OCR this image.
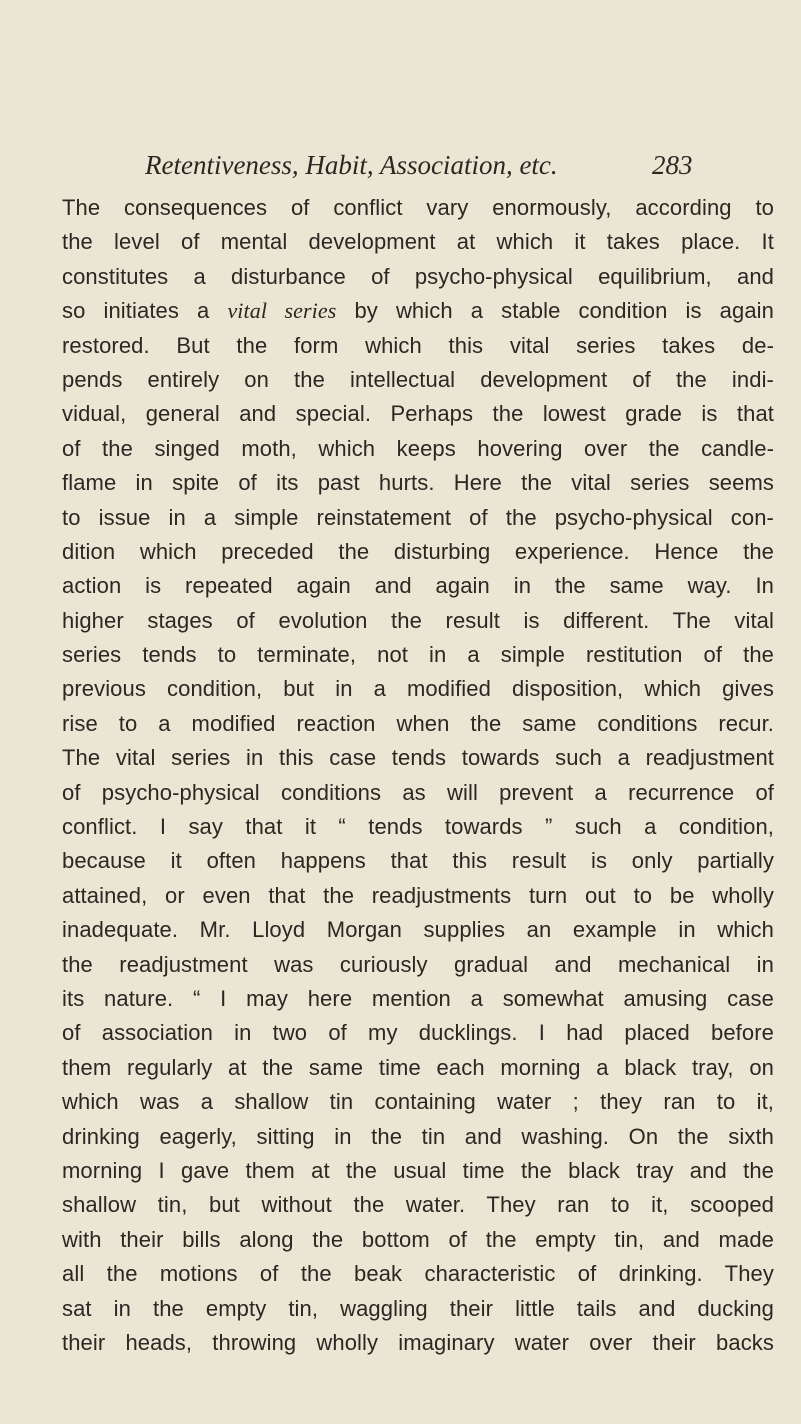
Retentiveness, Habit, Association, etc.	283
The consequences of conflict vary enormously, according to
the level of mental development at which it takes place. It
constitutes a disturbance of psycho-physical equilibrium, and
so initiates a vital series by which a stable condition is again
restored. But the form which this vital series takes de-
pends entirely on the intellectual development of the indi-
vidual, general and special. Perhaps the lowest grade is that
of the singed moth, which keeps hovering over the candle-
flame in spite of its past hurts. Here the vital series seems
to issue in a simple reinstatement of the psycho-physical con-
dition which preceded the disturbing experience. Hence the
action is repeated again and again in the same way. In
higher stages of evolution the result is different. The vital
series tends to terminate, not in a simple restitution of the
previous condition, but in a modified disposition, which gives
rise to a modified reaction when the same conditions recur.
The vital series in this case tends towards such a readjustment
of psycho-physical conditions as will prevent a recurrence of
conflict. I say that it “ tends towards ” such a condition,
because it often happens that this result is only partially
attained, or even that the readjustments turn out to be wholly
inadequate. Mr. Lloyd Morgan supplies an example in which
the readjustment was curiously gradual and mechanical in
its nature. “ I may here mention a somewhat amusing case
of association in two of my ducklings. I had placed before
them regularly at the same time each morning a black tray, on
which was a shallow tin containing water ; they ran to it,
drinking eagerly, sitting in the tin and washing. On the sixth
morning I gave them at the usual time the black tray and the
shallow tin, but without the water. They ran to it, scooped
with their bills along the bottom of the empty tin, and made
all the motions of the beak characteristic of drinking. They
sat in the empty tin, waggling their little tails and ducking
their heads, throwing wholly imaginary water over their backs
